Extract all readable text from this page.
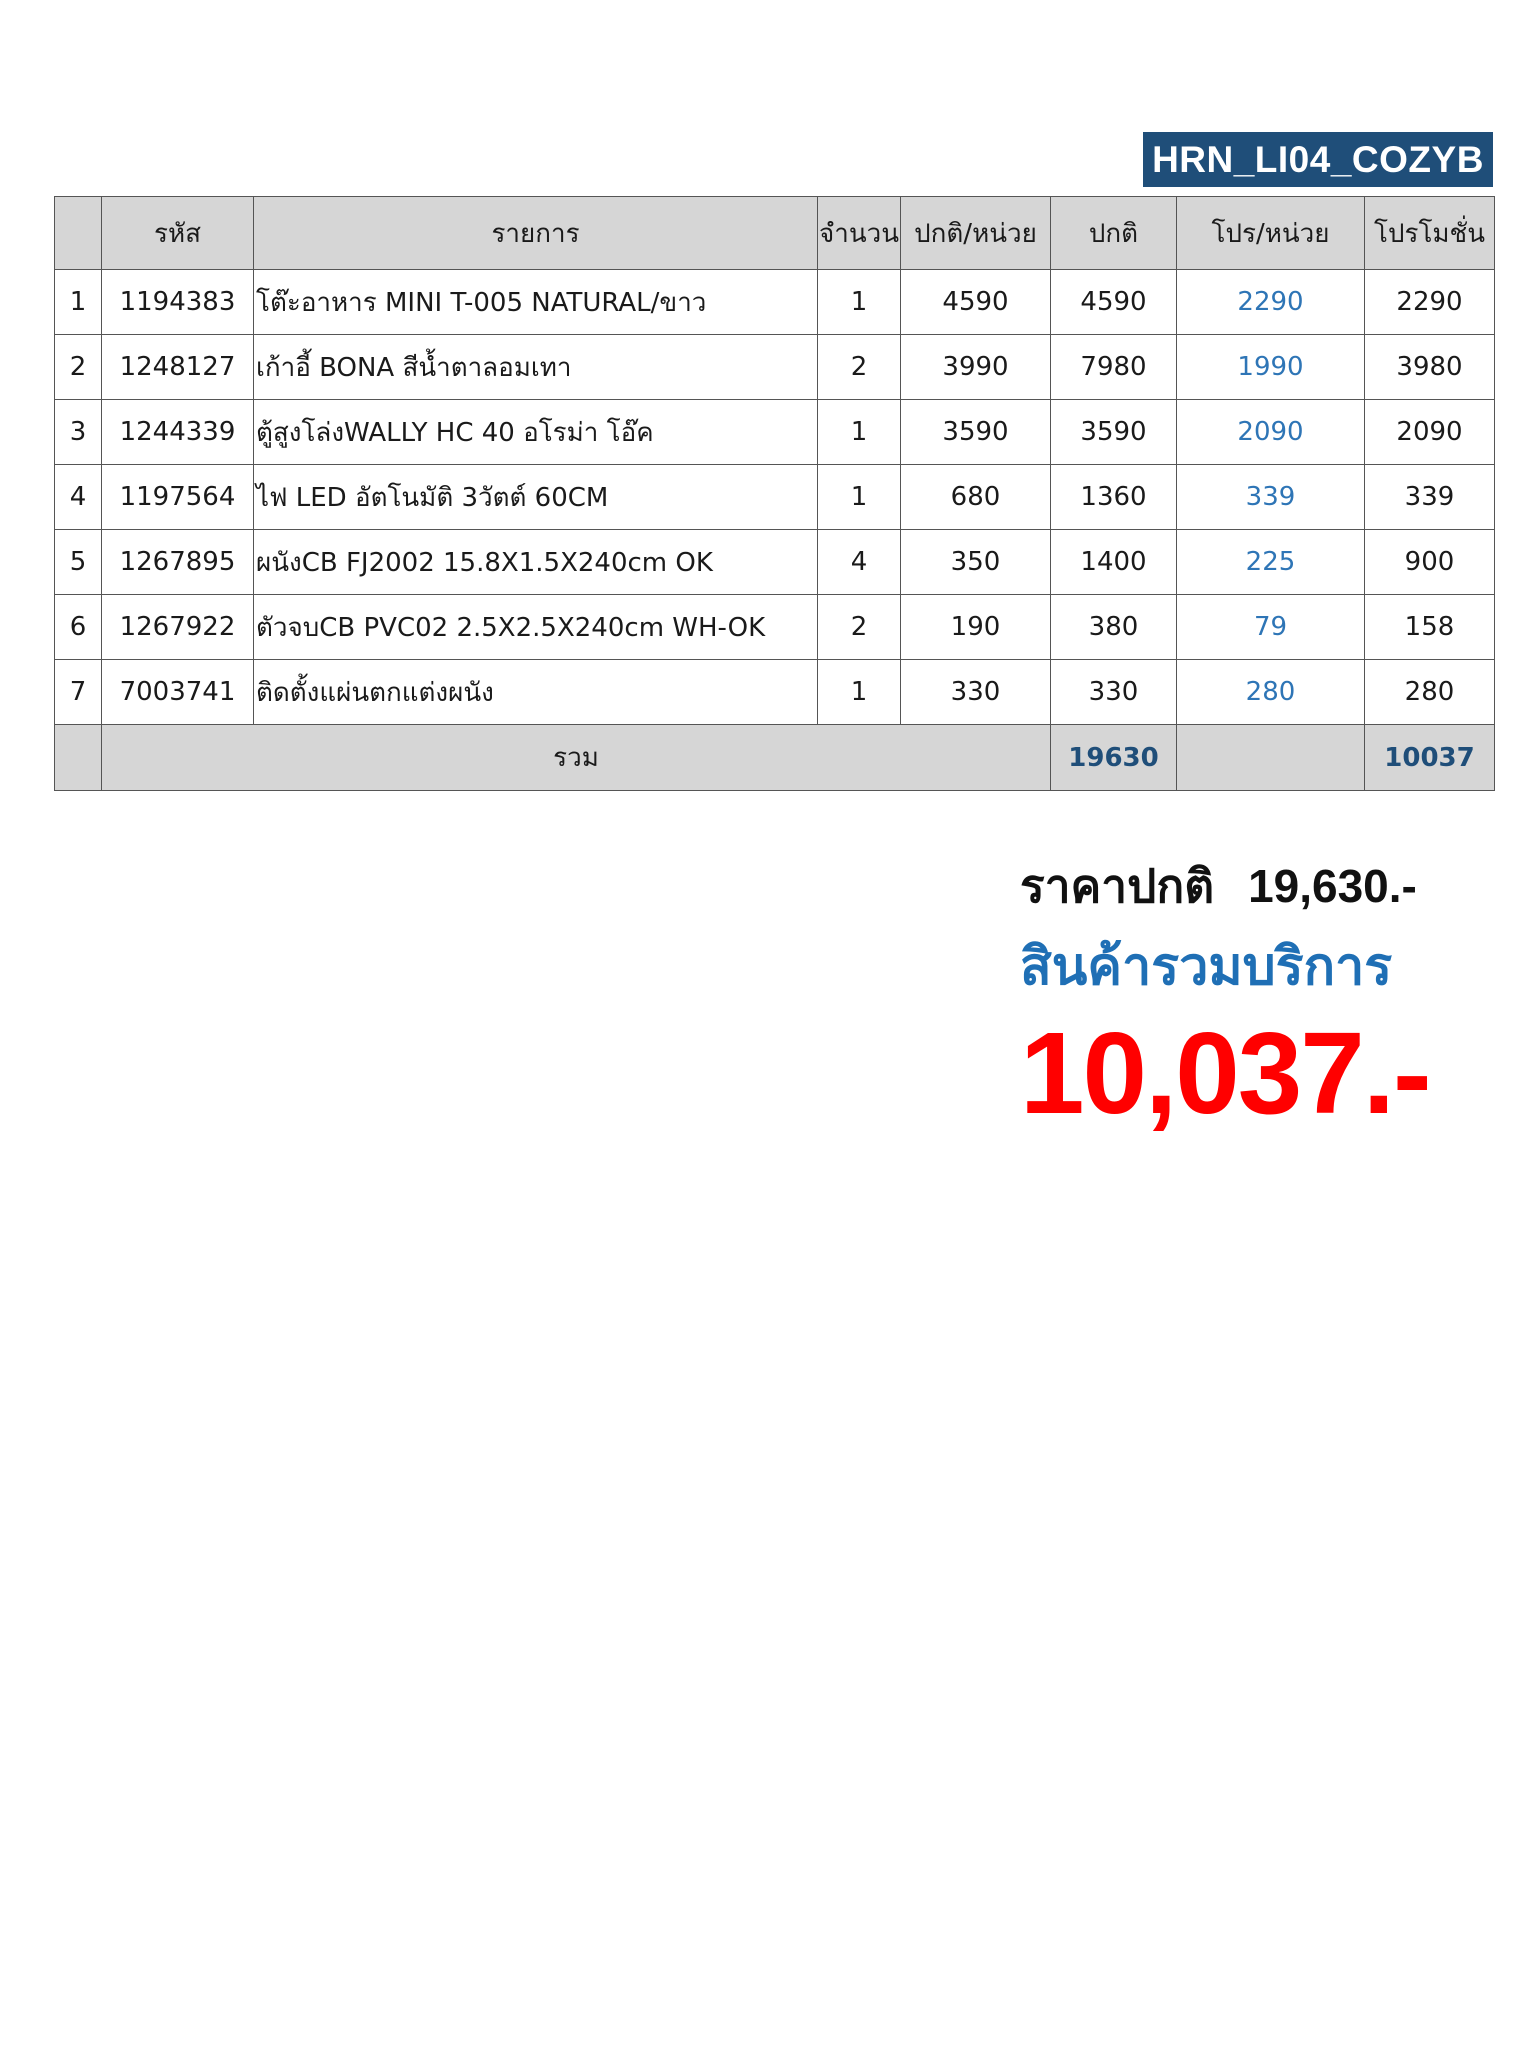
HRN_LI04_COZYB
	รหัส	รายการ	จำนวน	ปกติ/หน่วย	ปกติ	โปร/หน่วย	โปรโมชั่น
1	1194383	โต๊ะอาหาร MINI T-005 NATURAL/ขาว	1	4590	4590	2290	2290
2	1248127	เก้าอี้ BONA สีน้ำตาลอมเทา	2	3990	7980	1990	3980
3	1244339	ตู้สูงโล่งWALLY HC 40 อโรม่า โอ๊ค	1	3590	3590	2090	2090
4	1197564	ไฟ LED อัตโนมัติ 3วัตต์ 60CM	1	680	1360	339	339
5	1267895	ผนังCB FJ2002 15.8X1.5X240cm OK	4	350	1400	225	900
6	1267922	ตัวจบCB PVC02 2.5X2.5X240cm WH-OK	2	190	380	79	158
7	7003741	ติดตั้งแผ่นตกแต่งผนัง	1	330	330	280	280
	รวม				19630		10037
ราคาปกติ 19,630.-
สินค้ารวมบริการ
10,037.-
